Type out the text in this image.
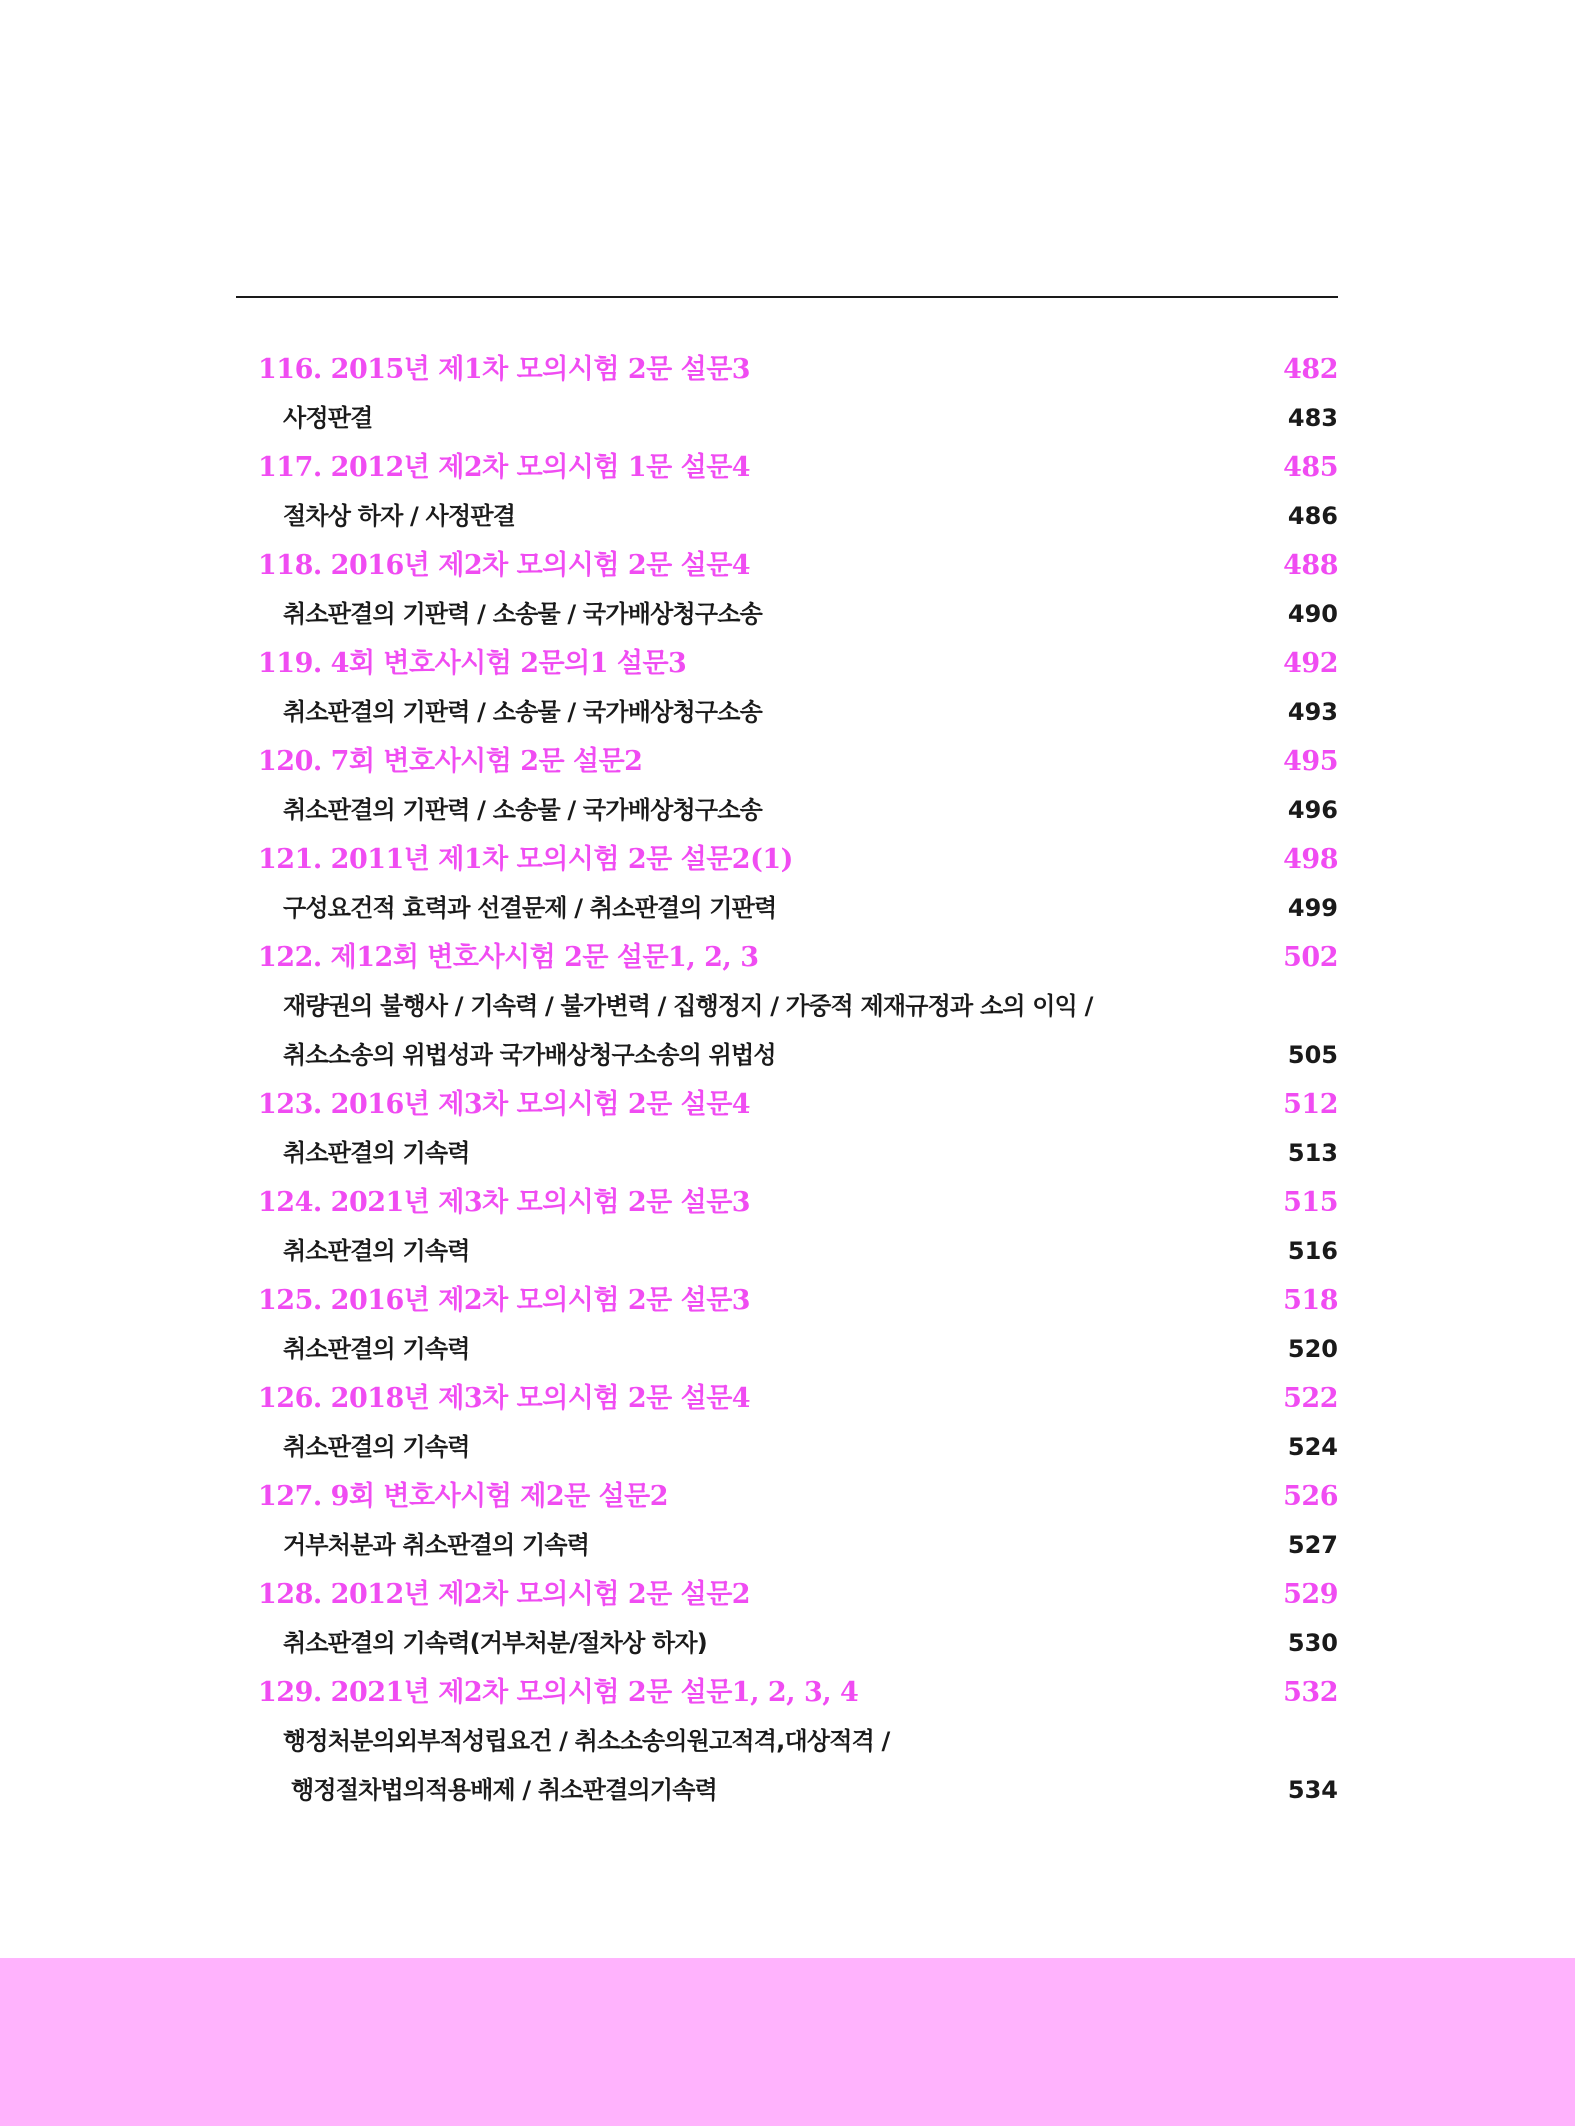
116. 2015년 제1차 모의시험 2문 설문3	482
사정판결	483
117. 2012년 제2차 모의시험 1문 설문4	485
절차상 하자 / 사정판결	486
118. 2016년 제2차 모의시험 2문 설문4	488
취소판결의 기판력 / 소송물 / 국가배상청구소송	490
119. 4회 변호사시험 2문의1 설문3	492
취소판결의 기판력 / 소송물 / 국가배상청구소송	493
120. 7회 변호사시험 2문 설문2	495
취소판결의 기판력 / 소송물 / 국가배상청구소송	496
121. 2011년 제1차 모의시험 2문 설문2(1)	498
구성요건적 효력과 선결문제 / 취소판결의 기판력	499
122. 제12회 변호사시험 2문 설문1, 2, 3	502
재량권의 불행사 / 기속력 / 불가변력 / 집행정지 / 가중적 제재규정과 소의 이익 /
취소소송의 위법성과 국가배상청구소송의 위법성	505
123. 2016년 제3차 모의시험 2문 설문4	512
취소판결의 기속력	513
124. 2021년 제3차 모의시험 2문 설문3	515
취소판결의 기속력	516
125. 2016년 제2차 모의시험 2문 설문3	518
취소판결의 기속력	520
126. 2018년 제3차 모의시험 2문 설문4	522
취소판결의 기속력	524
127. 9회 변호사시험 제2문 설문2	526
거부처분과 취소판결의 기속력	527
128. 2012년 제2차 모의시험 2문 설문2	529
취소판결의 기속력(거부처분/절차상 하자)	530
129. 2021년 제2차 모의시험 2문 설문1, 2, 3, 4	532
행정처분의외부적성립요건 / 취소소송의원고적격,대상적격 /
행정절차법의적용배제 / 취소판결의기속력	534
